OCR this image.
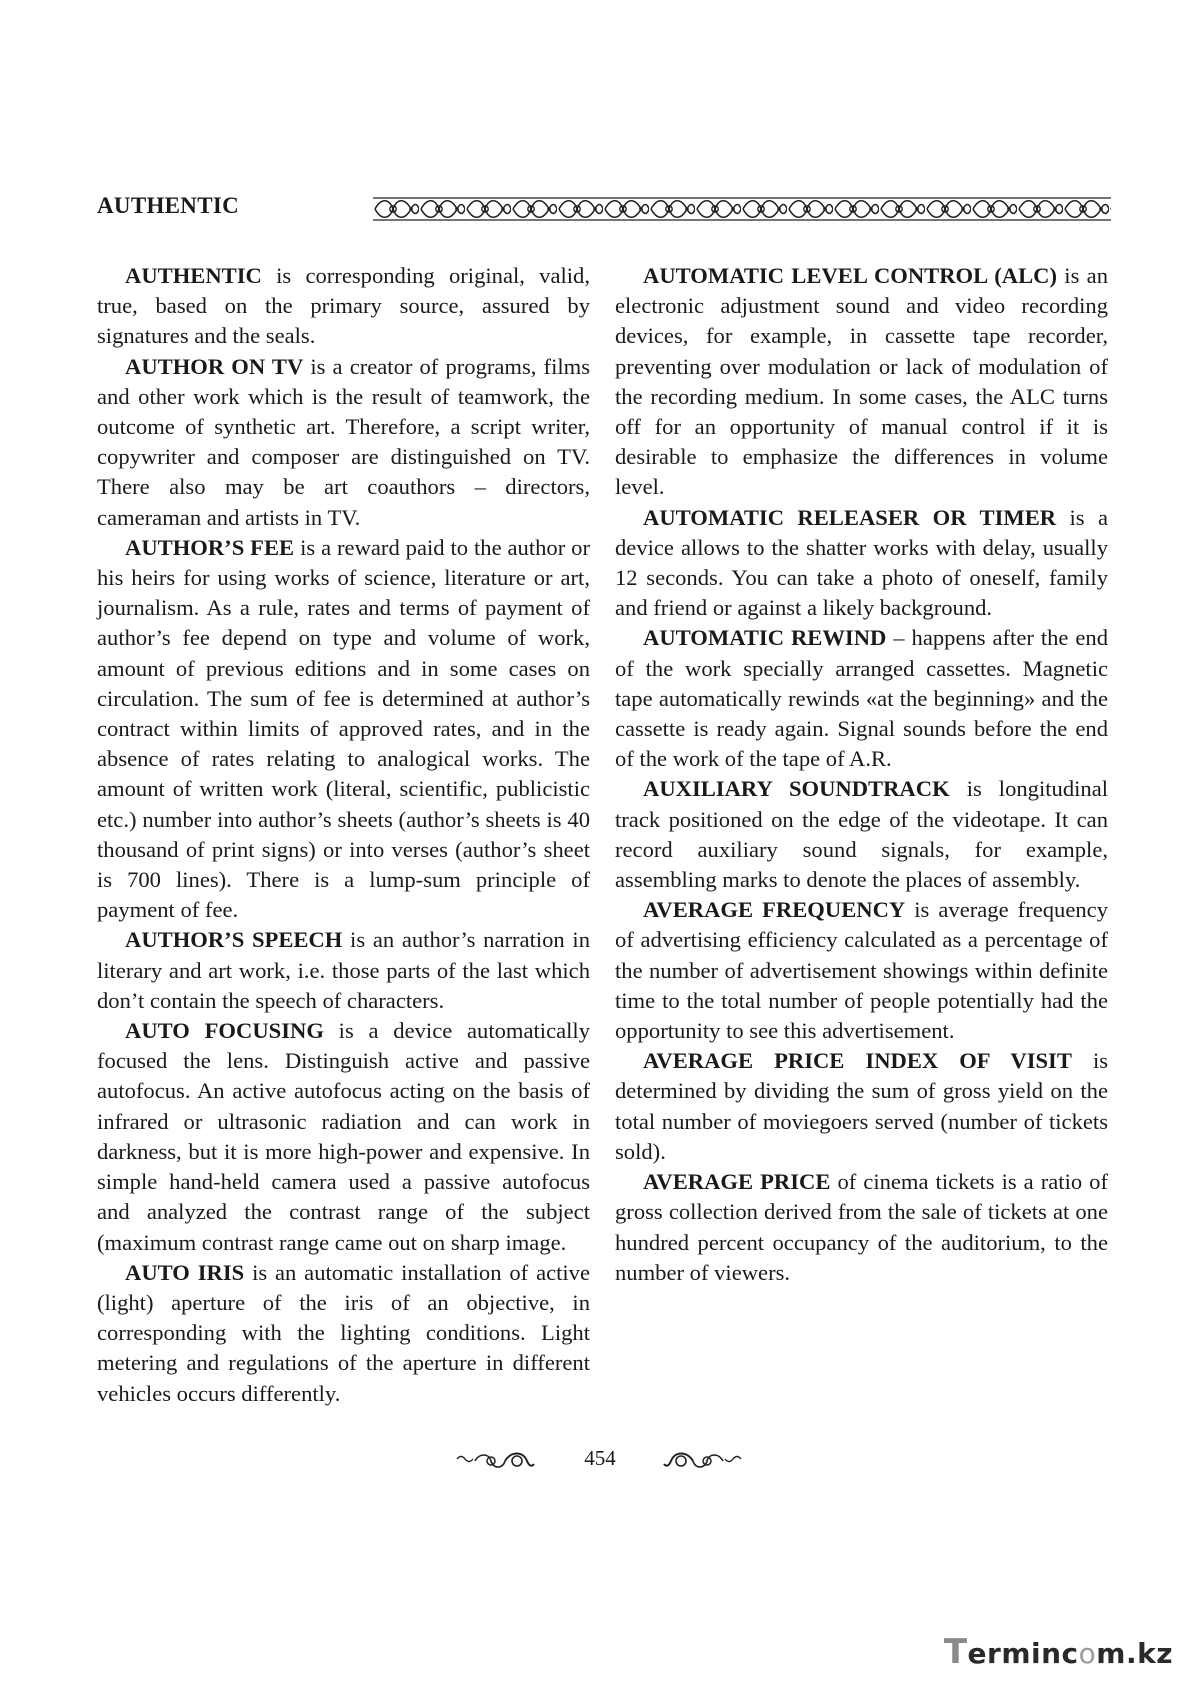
AUTHENTIC

AUTHENTIC is corresponding original, valid, true, based on the primary source, assured by signatures and the seals.

AUTHOR ON TV is a creator of programs, films and other work which is the result of teamwork, the outcome of synthetic art. Therefore, a script writer, copywriter and composer are distinguished on TV. There also may be art coauthors – directors, cameraman and artists in TV.

AUTHOR’S FEE is a reward paid to the author or his heirs for using works of science, literature or art, journalism. As a rule, rates and terms of payment of author’s fee depend on type and volume of work, amount of previous editions and in some cases on circulation. The sum of fee is determined at author’s contract within limits of approved rates, and in the absence of rates relating to analogical works. The amount of written work (literal, scientific, publicistic etc.) number into author’s sheets (author’s sheets is 40 thousand of print signs) or into verses (author’s sheet is 700 lines). There is a lump-sum principle of payment of fee.

AUTHOR’S SPEECH is an author’s narration in literary and art work, i.e. those parts of the last which don’t contain the speech of characters.

AUTO FOCUSING is a device automatically focused the lens. Distinguish active and passive autofocus. An active autofocus acting on the basis of infrared or ultrasonic radiation and can work in darkness, but it is more high-power and expensive. In simple hand-held camera used a passive autofocus and analyzed the contrast range of the subject (maximum contrast range came out on sharp image.

AUTO IRIS is an automatic installation of active (light) aperture of the iris of an objective, in corresponding with the lighting conditions. Light metering and regulations of the aperture in different vehicles occurs differently.

AUTOMATIC LEVEL CONTROL (ALC) is an electronic adjustment sound and video recording devices, for example, in cassette tape recorder, preventing over modulation or lack of modulation of the recording medium. In some cases, the ALC turns off for an opportunity of manual control if it is desirable to emphasize the differences in volume level.

AUTOMATIC RELEASER OR TIMER is a device allows to the shatter works with delay, usually 12 seconds. You can take a photo of oneself, family and friend or against a likely background.

AUTOMATIC REWIND – happens after the end of the work specially arranged cassettes. Magnetic tape automatically rewinds «at the beginning» and the cassette is ready again. Signal sounds before the end of the work of the tape of A.R.

AUXILIARY SOUNDTRACK is longitudinal track positioned on the edge of the videotape. It can record auxiliary sound signals, for example, assembling marks to denote the places of assembly.

AVERAGE FREQUENCY is average frequency of advertising efficiency calculated as a percentage of the number of advertisement showings within definite time to the total number of people potentially had the opportunity to see this advertisement.

AVERAGE PRICE INDEX OF VISIT is determined by dividing the sum of gross yield on the total number of moviegoers served (number of tickets sold).

AVERAGE PRICE of cinema tickets is a ratio of gross collection derived from the sale of tickets at one hundred percent occupancy of the auditorium, to the number of viewers.

454
Termincom.kz
